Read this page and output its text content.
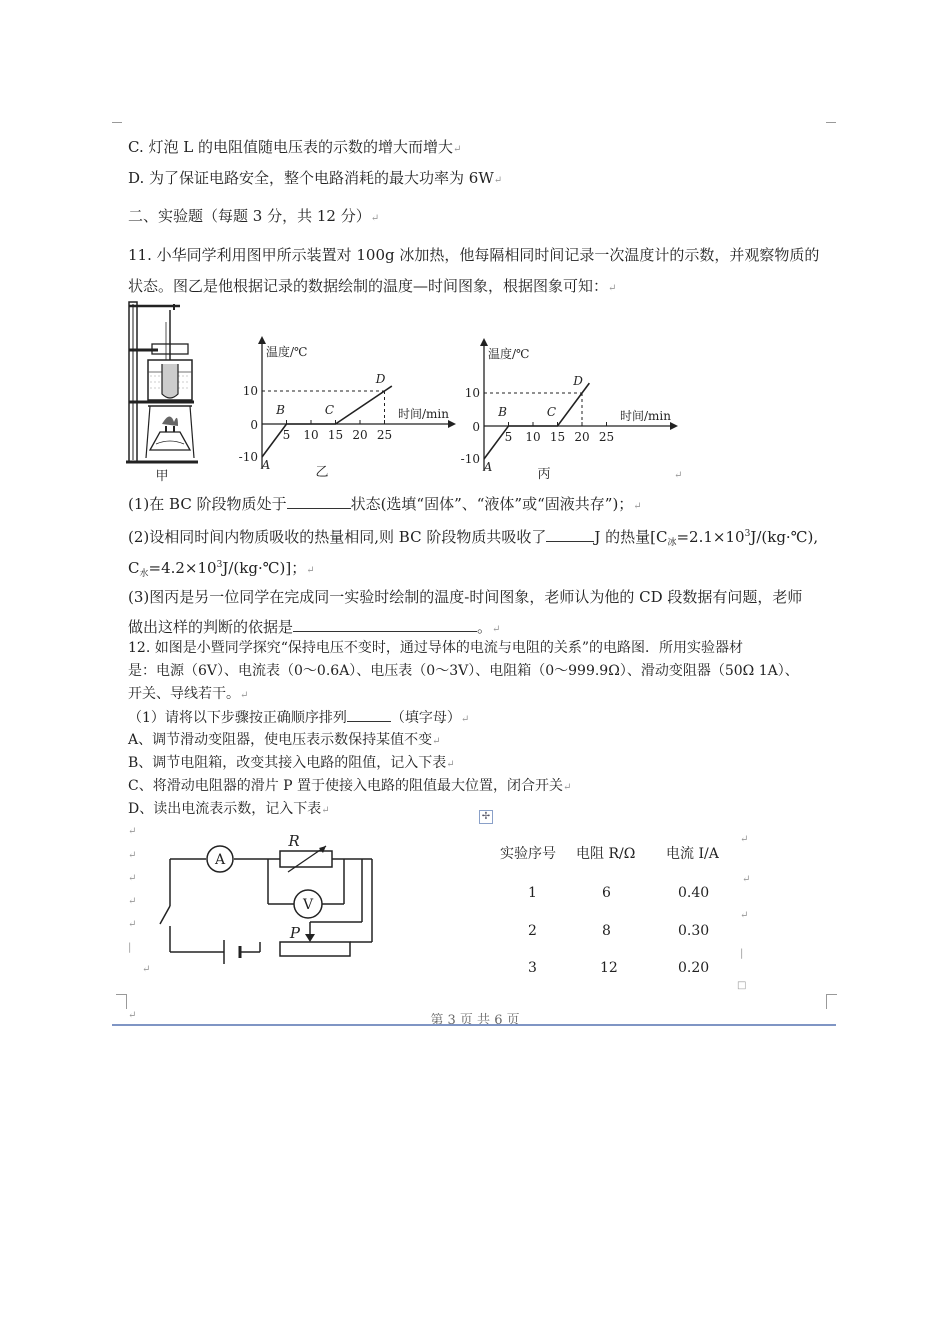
C. 灯泡 L 的电阻值随电压表的示数的增大而增大↵
D. 为了保证电路安全，整个电路消耗的最大功率为 6W↵
二、实验题（每题 3 分，共 12 分）↵
11. 小华同学利用图甲所示装置对 100g 冰加热，他每隔相同时间记录一次温度计的示数，并观察物质的
状态。图乙是他根据记录的数据绘制的温度—时间图象，根据图象可知：↵
甲
温度/℃
时间/min
5 10 15 20 25
10
0
-10
A
B	C
D
乙
温度/℃
时间/min
5 10 15 20 25
10
0
-10
A
B	C
D
丙	↵
(1)在 BC 阶段物质处于	状态(选填“固体”、“液体”或“固液共存”)；↵
(2)设相同时间内物质吸收的热量相同,则 BC 阶段物质共吸收了	J 的热量[$C_冰=2.1\times 10^3J/(kg\cdot℃)$,
$C_水=4.2\times 10^3J/(kg\cdot℃)$]；↵
(3)图丙是另一位同学在完成同一实验时绘制的温度-时间图象，老师认为他的 CD 段数据有问题，老师
做出这样的判断的依据是	。↵
12. 如图是小暨同学探究“保持电压不变时，通过导体的电流与电阻的关系”的电路图．所用实验器材
是：电源（6V）、电流表（0～0.6A）、电压表（0～3V）、电阻箱（0～999.9Ω）、滑动变阻器（50Ω 1A）、
开关、导线若干。↵
（1）请将以下步骤按正确顺序排列	（填字母）↵
A、调节滑动变阻器，使电压表示数保持某值不变↵
B、调节电阻箱，改变其接入电路的阻值，记入下表↵
C、将滑动电阻器的滑片 P 置于使接入电路的阻值最大位置，闭合开关↵
D、读出电流表示数，记入下表↵
✢
↵
↵
↵
↵
↵
|
↵
A
R
V
P
实验序号 电阻 R/Ω 电流 I/A
1	6	0.40
2	8	0.30
3	12	0.20
↵
↵
↵
|
□
↵	第 3 页 共 6 页
